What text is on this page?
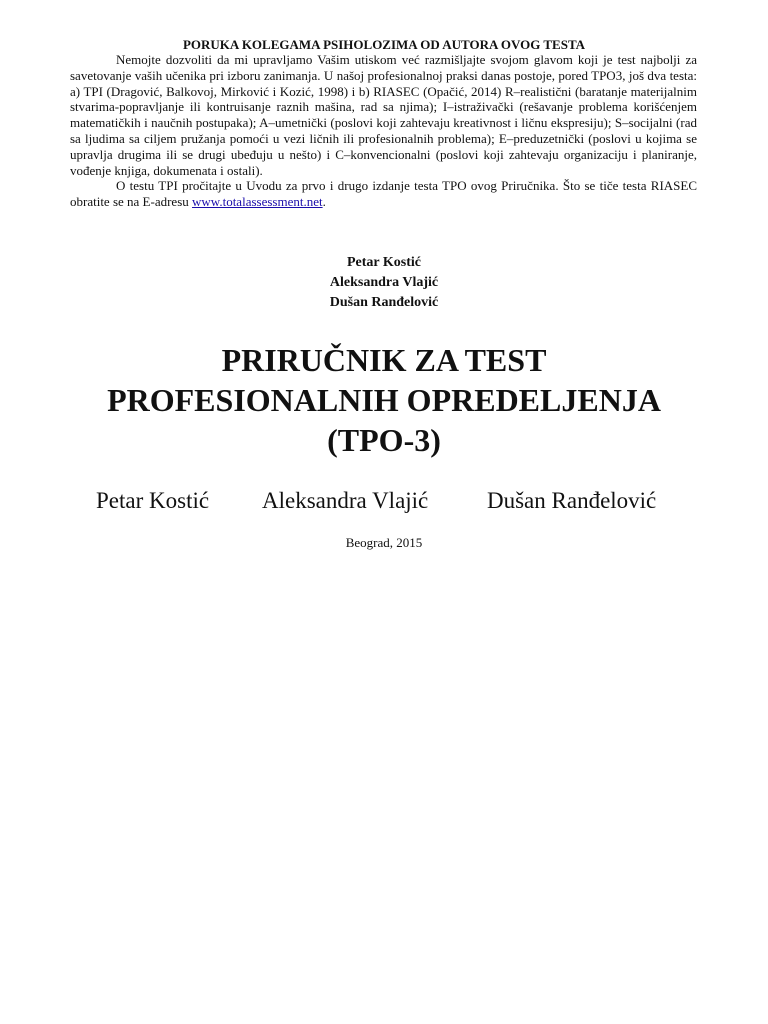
PORUKA KOLEGAMA PSIHOLOZIMA OD AUTORA OVOG TESTA

Nemojte dozvoliti da mi upravljamo Vašim utiskom već razmišljajte svojom glavom koji je test najbolji za savetovanje vaših učenika pri izboru zanimanja. U našoj profesionalnoj praksi danas postoje, pored TPO3, još dva testa: a) TPI (Dragović, Balkovoj, Mirković i Kozić, 1998) i b) RIASEC (Opačić, 2014) R–realistični (baratanje materijalnim stvarima-popravljanje ili kontruisanje raznih mašina, rad sa njima); I–istraživački (rešavanje problema korišćenjem matematičkih i naučnih postupaka); A–umetnički (poslovi koji zahtevaju kreativnost i ličnu ekspresiju); S–socijalni (rad sa ljudima sa ciljem pružanja pomoći u vezi ličnih ili profesionalnih problema); E–preduzetnički (poslovi u kojima se upravlja drugima ili se drugi ubeđuju u nešto) i C–konvencionalni (poslovi koji zahtevaju organizaciju i planiranje, vođenje knjiga, dokumenata i ostali).

O testu TPI pročitajte u Uvodu za prvo i drugo izdanje testa TPO ovog Priručnika. Što se tiče testa RIASEC obratite se na E-adresu www.totalassessment.net.

Petar Kostić
Aleksandra Vlajić
Dušan Ranđelović
PRIRUČNIK ZA TEST
PROFESIONALNIH OPREDELJENJA
(TPO-3)
Petar Kostić Aleksandra Vlajić	Dušan Ranđelović
Beograd, 2015
